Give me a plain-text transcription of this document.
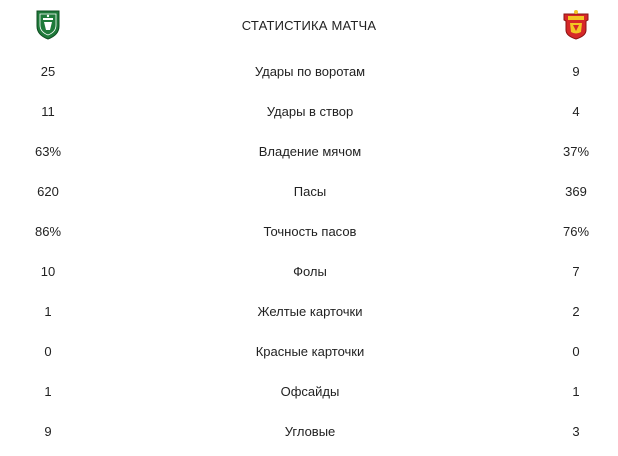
СТАТИСТИКА МАТЧА
25	Удары по воротам	9
11	Удары в створ	4
63%	Владение мячом	37%
620	Пасы	369
86%	Точность пасов	76%
10	Фолы	7
1	Желтые карточки	2
0	Красные карточки	0
1	Офсайды	1
9	Угловые	3
